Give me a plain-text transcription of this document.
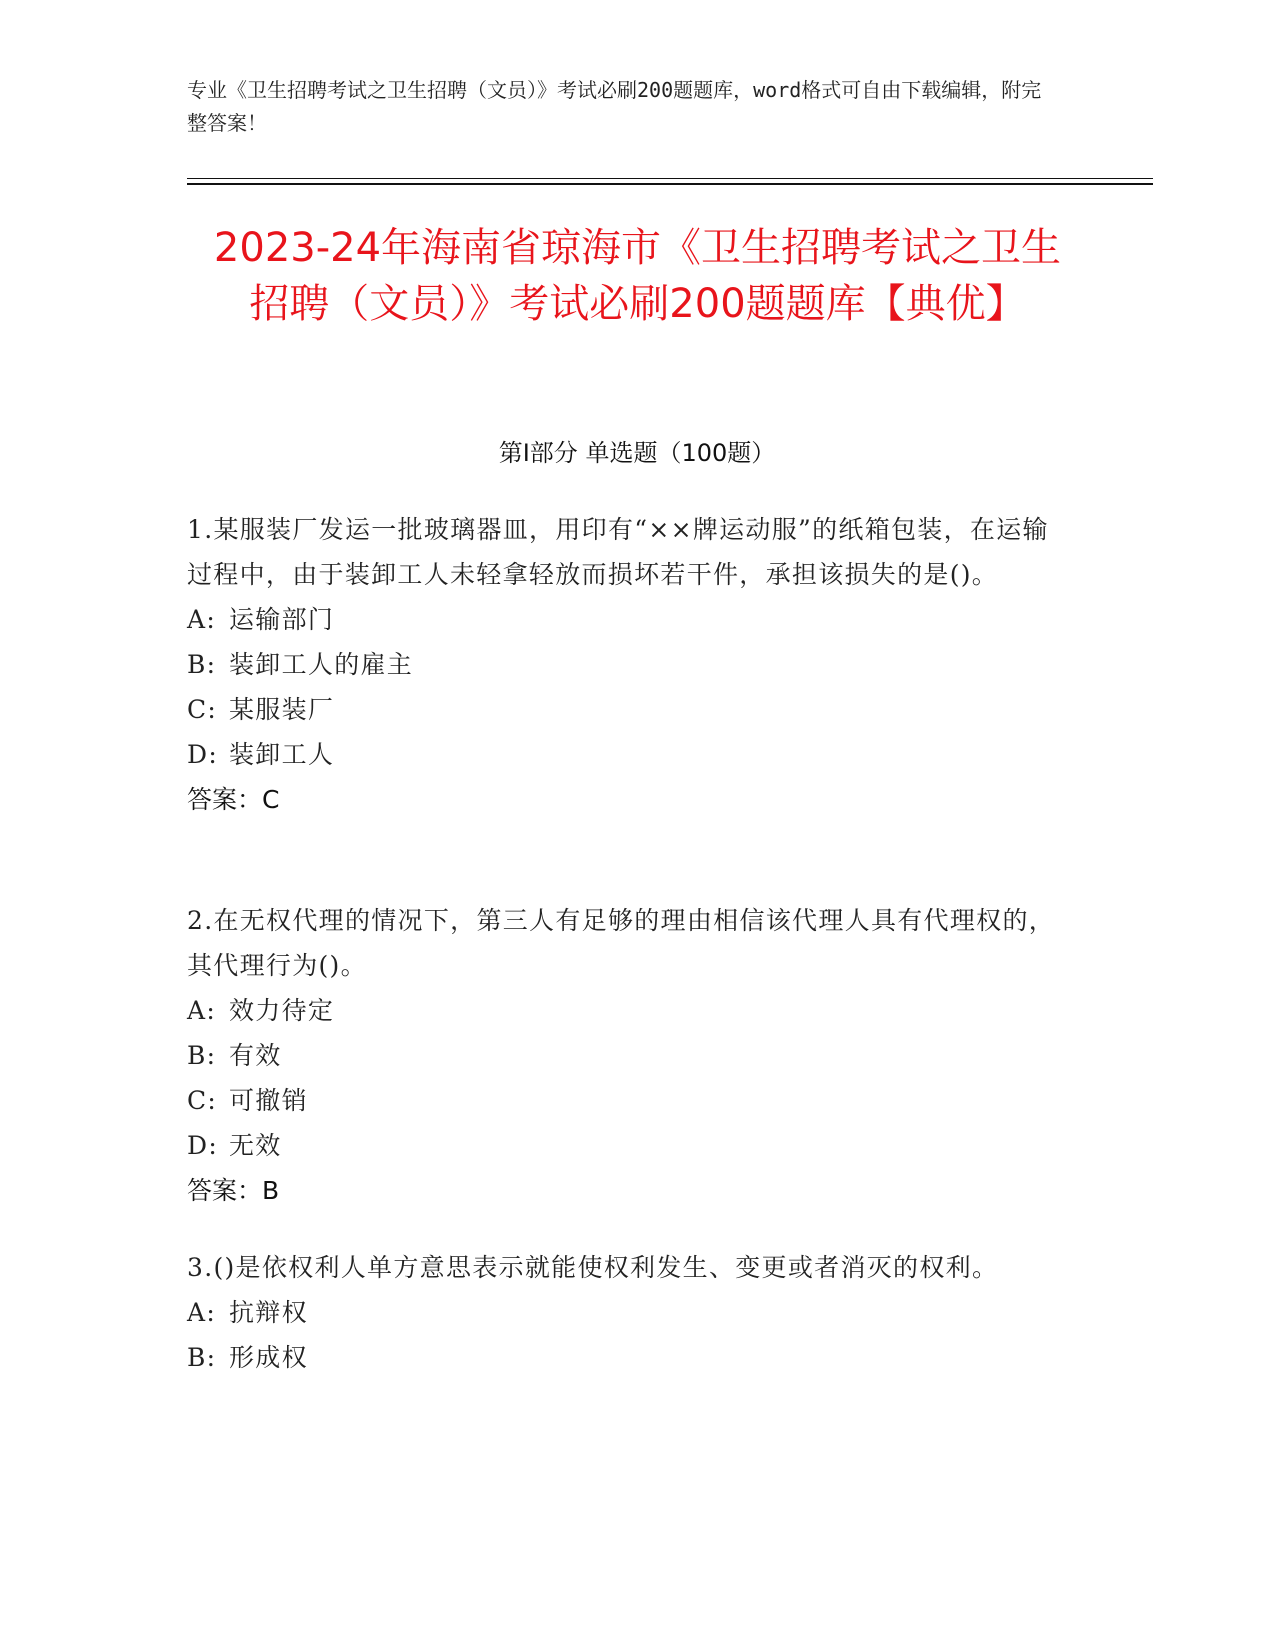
专业《卫生招聘考试之卫生招聘（文员）》考试必刷200题题库，word格式可自由下载编辑，附完整答案！
2023-24年海南省琼海市《卫生招聘考试之卫生招聘（文员）》考试必刷200题题库【典优】
第I部分 单选题（100题）
1.某服装厂发运一批玻璃器皿，用印有“××牌运动服”的纸箱包装，在运输过程中，由于装卸工人未轻拿轻放而损坏若干件，承担该损失的是()。
A: 运输部门
B: 装卸工人的雇主
C: 某服装厂
D: 装卸工人
答案：C
2.在无权代理的情况下，第三人有足够的理由相信该代理人具有代理权的，其代理行为()。
A: 效力待定
B: 有效
C: 可撤销
D: 无效
答案：B
3.()是依权利人单方意思表示就能使权利发生、变更或者消灭的权利。
A: 抗辩权
B: 形成权
